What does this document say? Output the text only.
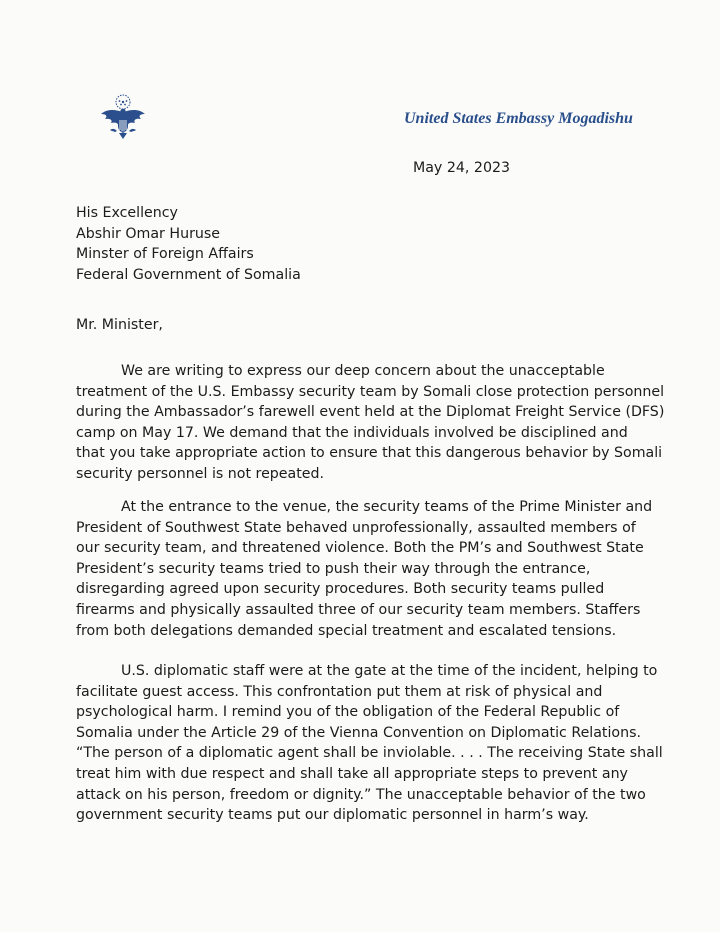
United States Embassy Mogadishu
May 24, 2023
His Excellency
Abshir Omar Huruse
Minster of Foreign Affairs
Federal Government of Somalia
Mr. Minister,
We are writing to express our deep concern about the unacceptable
treatment of the U.S. Embassy security team by Somali close protection personnel
during the Ambassador’s farewell event held at the Diplomat Freight Service (DFS)
camp on May 17. We demand that the individuals involved be disciplined and
that you take appropriate action to ensure that this dangerous behavior by Somali
security personnel is not repeated.
At the entrance to the venue, the security teams of the Prime Minister and
President of Southwest State behaved unprofessionally, assaulted members of
our security team, and threatened violence. Both the PM’s and Southwest State
President’s security teams tried to push their way through the entrance,
disregarding agreed upon security procedures. Both security teams pulled
firearms and physically assaulted three of our security team members. Staffers
from both delegations demanded special treatment and escalated tensions.
U.S. diplomatic staff were at the gate at the time of the incident, helping to
facilitate guest access. This confrontation put them at risk of physical and
psychological harm. I remind you of the obligation of the Federal Republic of
Somalia under the Article 29 of the Vienna Convention on Diplomatic Relations.
“The person of a diplomatic agent shall be inviolable. . . . The receiving State shall
treat him with due respect and shall take all appropriate steps to prevent any
attack on his person, freedom or dignity.” The unacceptable behavior of the two
government security teams put our diplomatic personnel in harm’s way.
